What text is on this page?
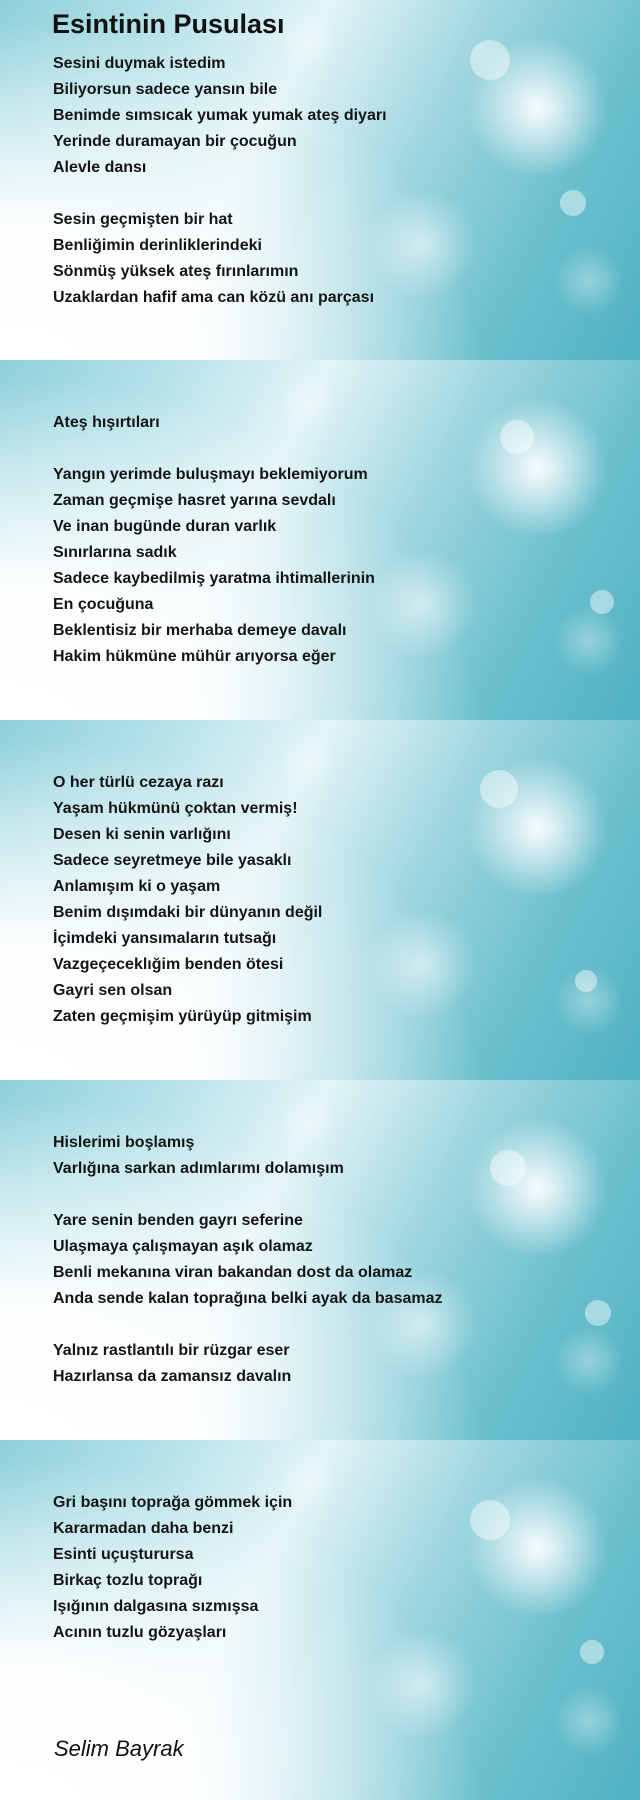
Esintinin Pusulası
Sesini duymak istedim
Biliyorsun sadece yansın bile
Benimde sımsıcak yumak yumak ateş diyarı
Yerinde duramayan bir çocuğun
Alevle dansı
Sesin geçmişten bir hat
Benliğimin derinliklerindeki
Sönmüş yüksek ateş fırınlarımın
Uzaklardan hafif ama can közü anı parçası
Ateş hışırtıları
Yangın yerimde buluşmayı beklemiyorum
Zaman geçmişe hasret yarına sevdalı
Ve inan bugünde duran varlık
Sınırlarına sadık
Sadece kaybedilmiş yaratma ihtimallerinin
En çocuğuna
Beklentisiz bir merhaba demeye davalı
Hakim hükmüne mühür arıyorsa eğer
O her türlü cezaya razı
Yaşam hükmünü çoktan vermiş!
Desen ki senin varlığını
Sadece seyretmeye bile yasaklı
Anlamışım ki o yaşam
Benim dışımdaki bir dünyanın değil
İçimdeki yansımaların tutsağı
Vazgeçeceklığim benden ötesi
Gayri sen olsan
Zaten geçmişim yürüyüp gitmişim
Hislerimi boşlamış
Varlığına sarkan adımlarımı dolamışım
Yare senin benden gayrı seferine
Ulaşmaya çalışmayan aşık olamaz
Benli mekanına viran bakandan dost da olamaz
Anda sende kalan toprağına belki ayak da basamaz
Yalnız rastlantılı bir rüzgar eser
Hazırlansa da zamansız davalın
Gri başını toprağa gömmek için
Kararmadan daha benzi
Esinti uçuşturursa
Birkaç tozlu toprağı
Işığının dalgasına sızmışsa
Acının tuzlu gözyaşları
Selim Bayrak
